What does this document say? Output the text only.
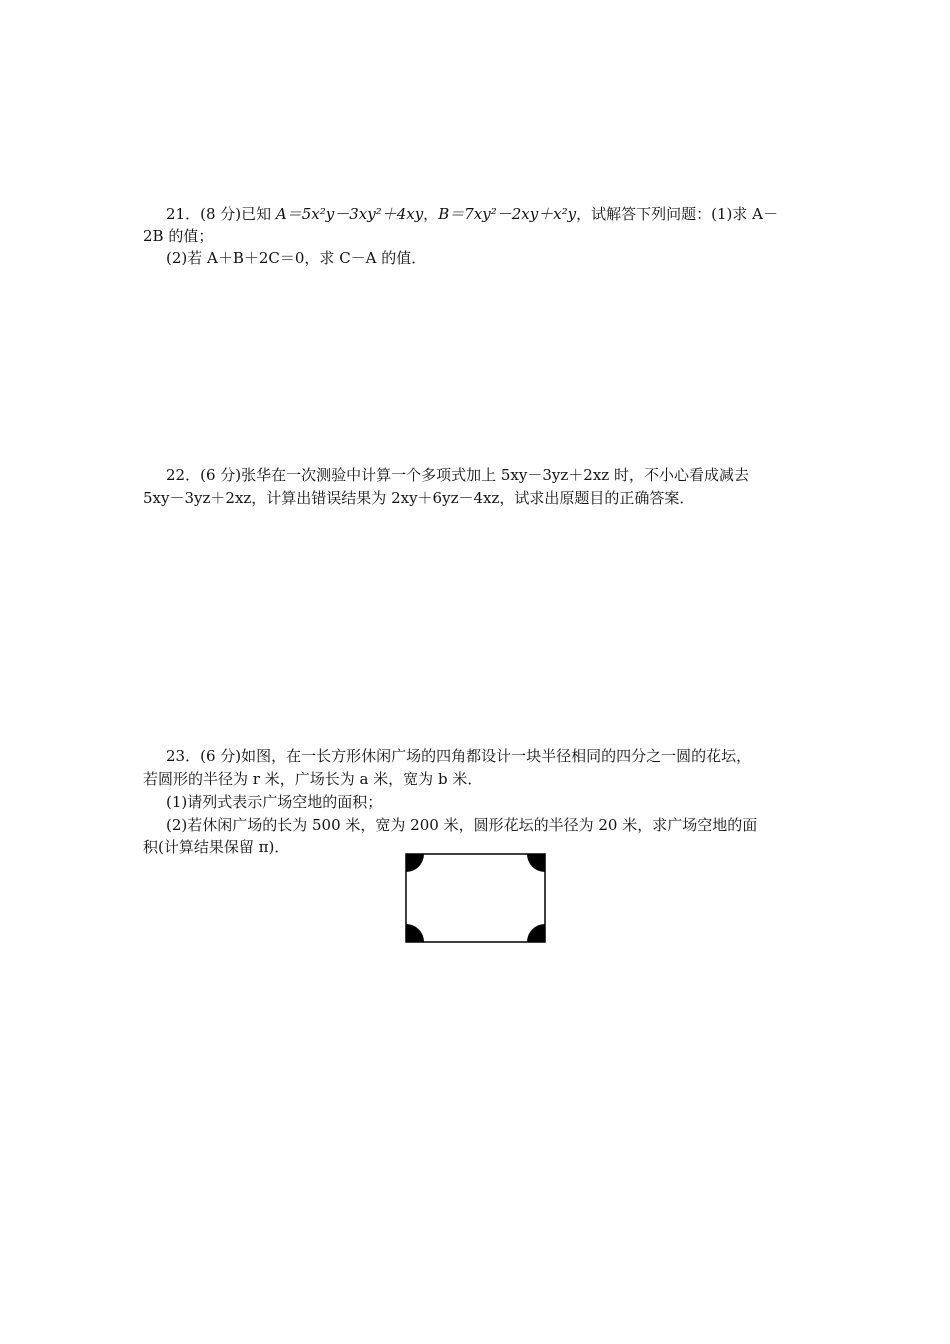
21．(8 分)已知 A＝5x²y－3xy²＋4xy，B＝7xy²－2xy＋x²y，试解答下列问题：(1)求 A－
2B 的值；
(2)若 A＋B＋2C＝0，求 C－A 的值．
22．(6 分)张华在一次测验中计算一个多项式加上 5xy－3yz＋2xz 时，不小心看成减去
5xy－3yz＋2xz，计算出错误结果为 2xy＋6yz－4xz，试求出原题目的正确答案．
23．(6 分)如图，在一长方形休闲广场的四角都设计一块半径相同的四分之一圆的花坛，
若圆形的半径为 r 米，广场长为 a 米，宽为 b 米．
(1)请列式表示广场空地的面积；
(2)若休闲广场的长为 500 米，宽为 200 米，圆形花坛的半径为 20 米，求广场空地的面
积(计算结果保留 π)．
